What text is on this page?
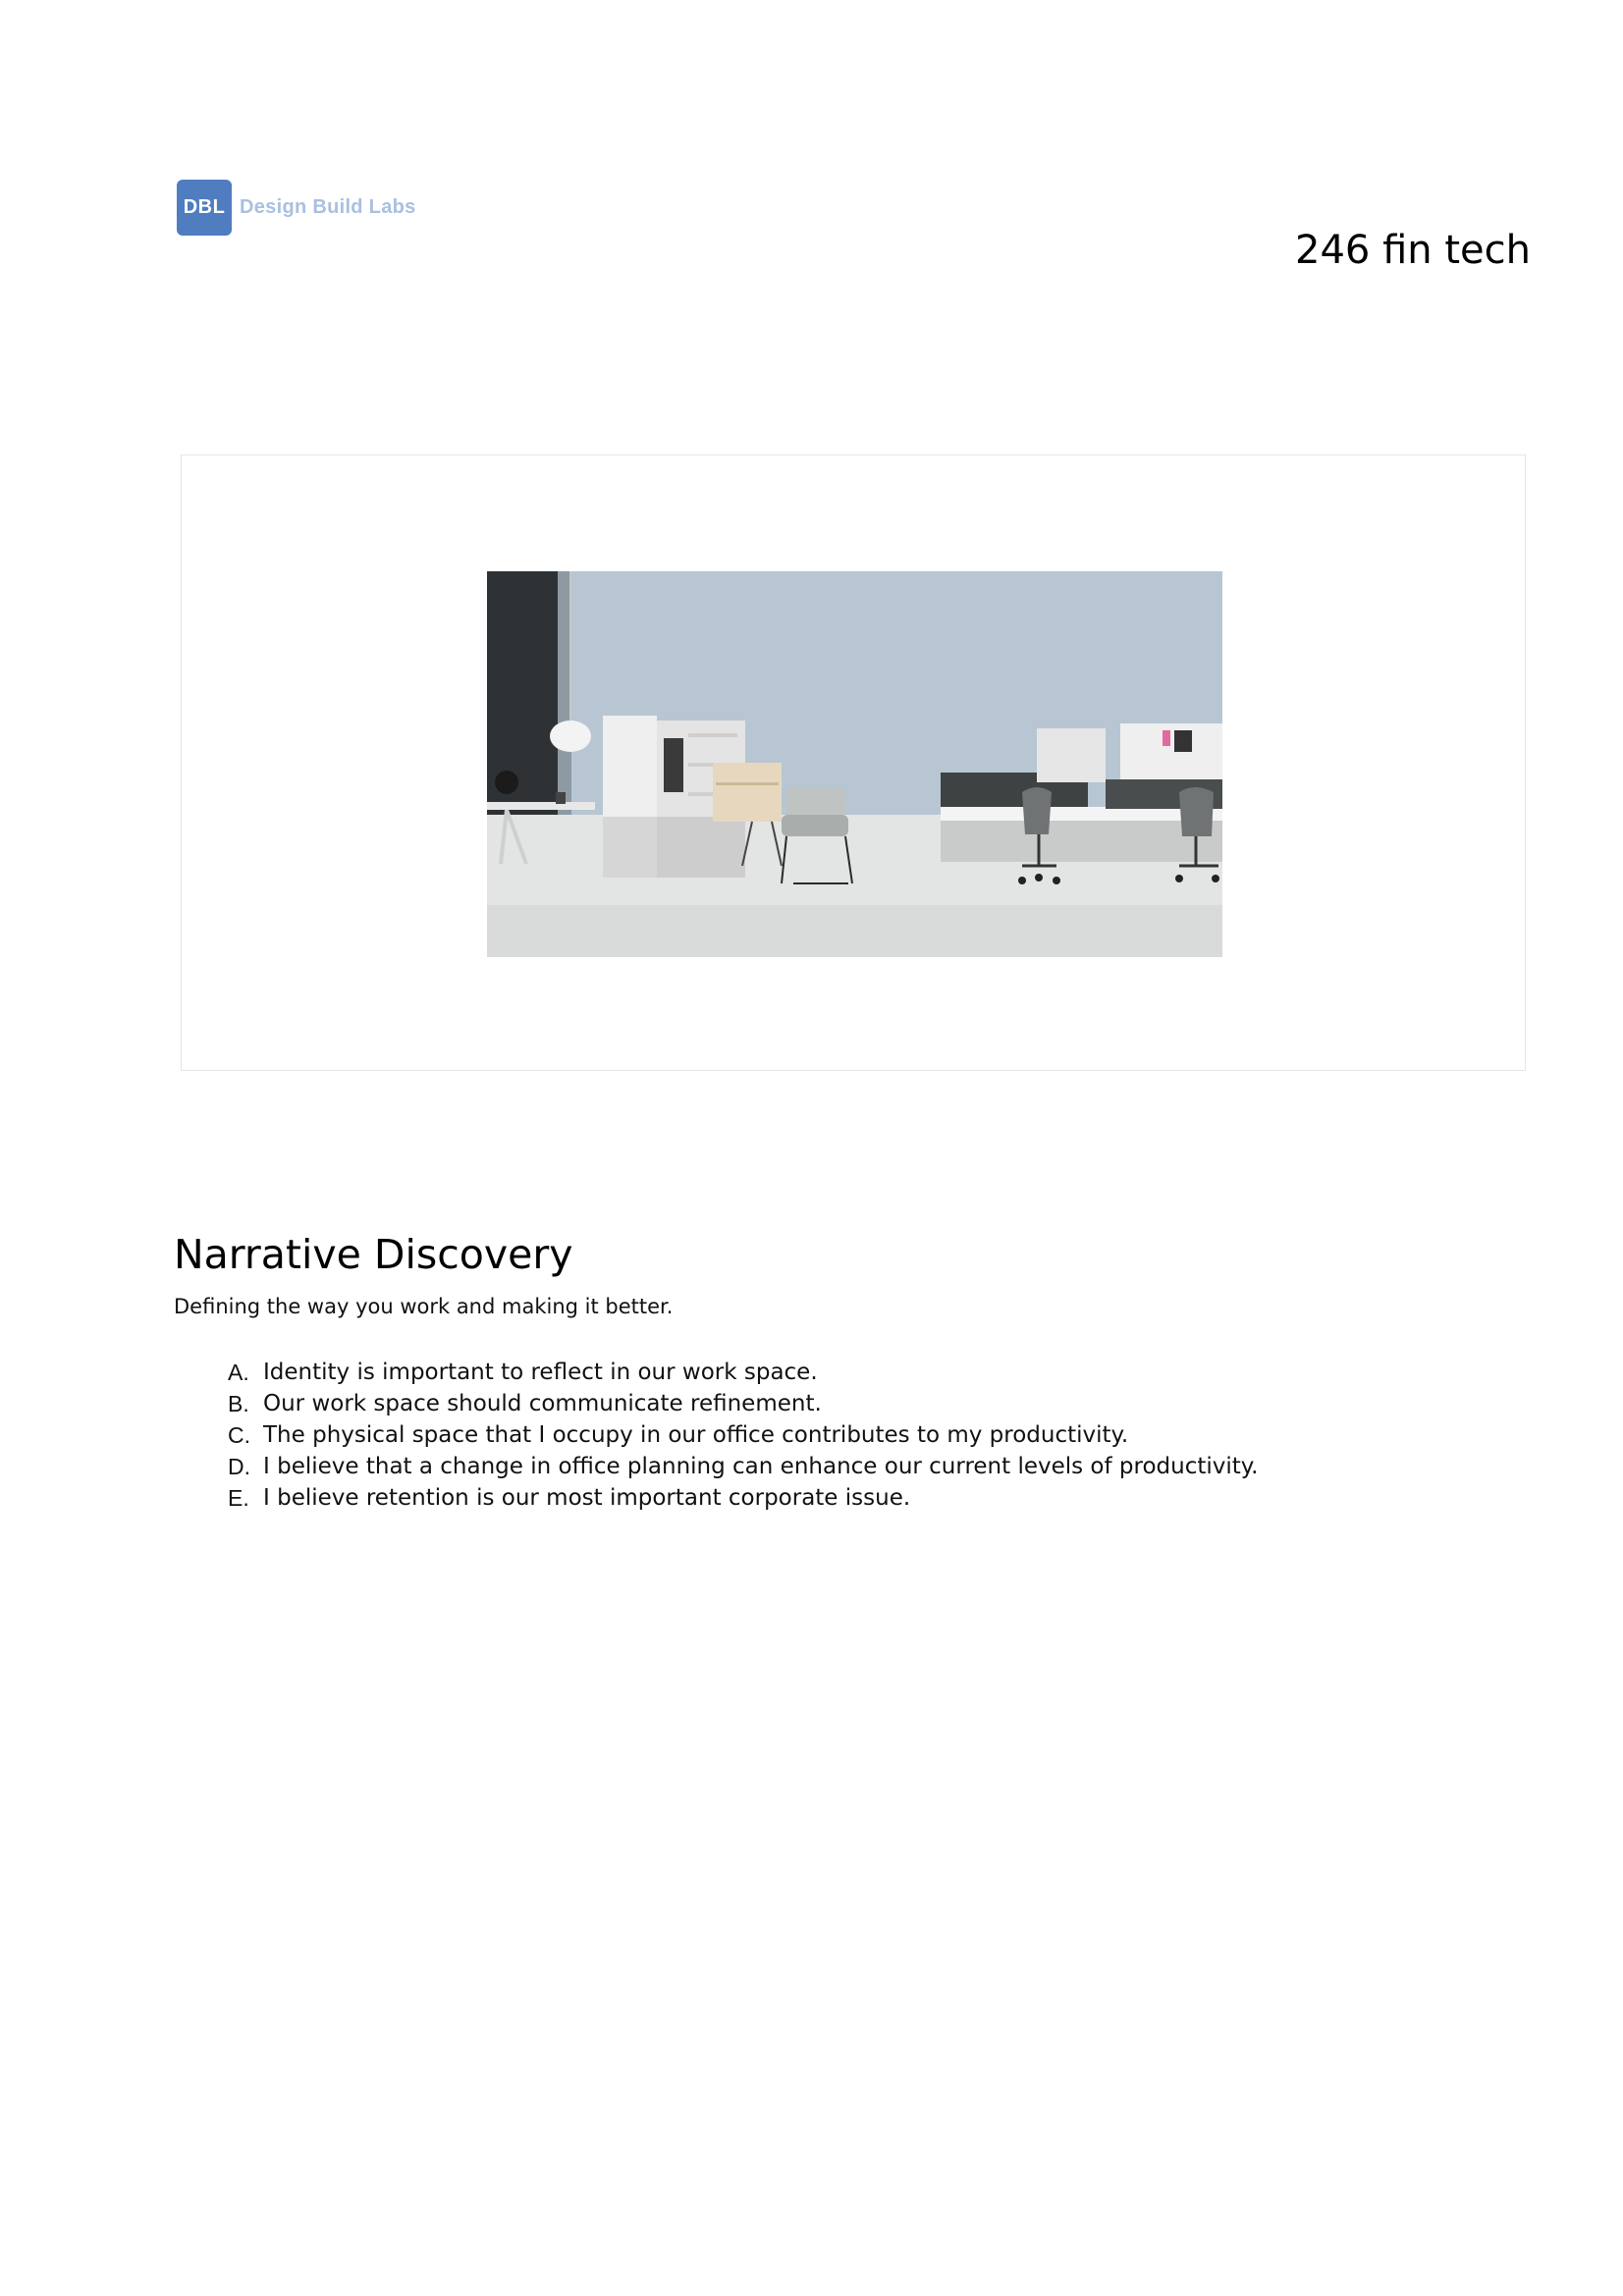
DBL Design Build Labs
246 fin tech
Narrative Discovery

Defining the way you work and making it better.

A. Identity is important to reflect in our work space.
B. Our work space should communicate refinement.
C. The physical space that I occupy in our office contributes to my productivity.
D. I believe that a change in office planning can enhance our current levels of productivity.
E. I believe retention is our most important corporate issue.
